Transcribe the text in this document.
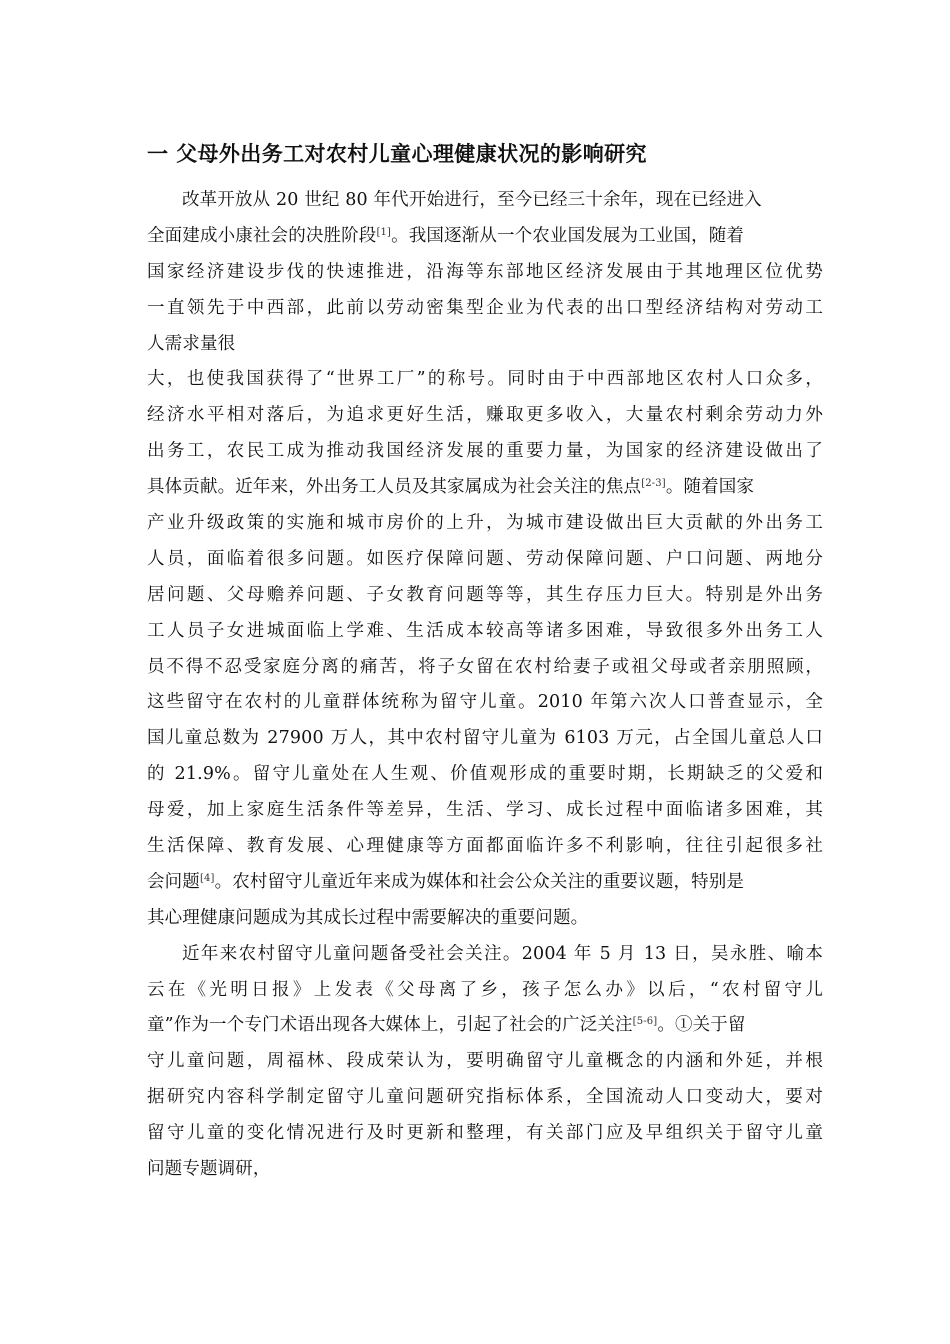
一 父母外出务工对农村儿童心理健康状况的影响研究
改革开放从 20 世纪 80 年代开始进行，至今已经三十余年，现在已经进入
全面建成小康社会的决胜阶段[1]。我国逐渐从一个农业国发展为工业国，随着
国家经济建设步伐的快速推进，沿海等东部地区经济发展由于其地理区位优势
一直领先于中西部，此前以劳动密集型企业为代表的出口型经济结构对劳动工
人需求量很
大，也使我国获得了“世界工厂”的称号。同时由于中西部地区农村人口众多，
经济水平相对落后，为追求更好生活，赚取更多收入，大量农村剩余劳动力外
出务工，农民工成为推动我国经济发展的重要力量，为国家的经济建设做出了
具体贡献。近年来，外出务工人员及其家属成为社会关注的焦点[2-3]。随着国家
产业升级政策的实施和城市房价的上升，为城市建设做出巨大贡献的外出务工
人员，面临着很多问题。如医疗保障问题、劳动保障问题、户口问题、两地分
居问题、父母赡养问题、子女教育问题等等，其生存压力巨大。特别是外出务
工人员子女进城面临上学难、生活成本较高等诸多困难，导致很多外出务工人
员不得不忍受家庭分离的痛苦，将子女留在农村给妻子或祖父母或者亲朋照顾，
这些留守在农村的儿童群体统称为留守儿童。2010 年第六次人口普查显示，全
国儿童总数为 27900 万人，其中农村留守儿童为 6103 万元，占全国儿童总人口
的 21.9%。留守儿童处在人生观、价值观形成的重要时期，长期缺乏的父爱和
母爱，加上家庭生活条件等差异，生活、学习、成长过程中面临诸多困难，其
生活保障、教育发展、心理健康等方面都面临许多不利影响，往往引起很多社
会问题[4]。农村留守儿童近年来成为媒体和社会公众关注的重要议题，特别是
其心理健康问题成为其成长过程中需要解决的重要问题。
近年来农村留守儿童问题备受社会关注。2004 年 5 月 13 日，吴永胜、喻本
云在《光明日报》上发表《父母离了乡，孩子怎么办》以后，“农村留守儿
童”作为一个专门术语出现各大媒体上，引起了社会的广泛关注[5-6]。①关于留
守儿童问题，周福林、段成荣认为，要明确留守儿童概念的内涵和外延，并根
据研究内容科学制定留守儿童问题研究指标体系，全国流动人口变动大，要对
留守儿童的变化情况进行及时更新和整理，有关部门应及早组织关于留守儿童
问题专题调研，
